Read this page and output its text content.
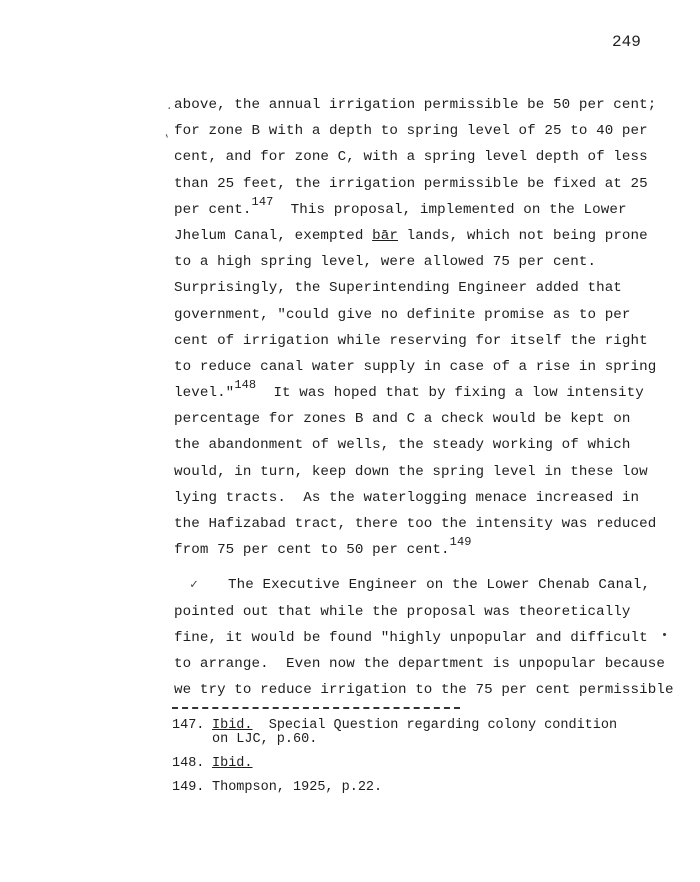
249
.
'
above, the annual irrigation permissible be 50 per cent;
for zone B with a depth to spring level of 25 to 40 per
cent, and for zone C, with a spring level depth of less
than 25 feet, the irrigation permissible be fixed at 25
per cent.$^{147}$  This proposal, implemented on the Lower
Jhelum Canal, exempted bār lands, which not being prone
to a high spring level, were allowed 75 per cent.
Surprisingly, the Superintending Engineer added that
government, "could give no definite promise as to per
cent of irrigation while reserving for itself the right
to reduce canal water supply in case of a rise in spring
level."$^{148}$  It was hoped that by fixing a low intensity
percentage for zones B and C a check would be kept on
the abandonment of wells, the steady working of which
would, in turn, keep down the spring level in these low
lying tracts.  As the waterlogging menace increased in
the Hafizabad tract, there too the intensity was reduced
from 75 per cent to 50 per cent.$^{149}$
✓ The Executive Engineer on the Lower Chenab Canal,
pointed out that while the proposal was theoretically
fine, it would be found "highly unpopular and difficult
to arrange.  Even now the department is unpopular because
we try to reduce irrigation to the 75 per cent permissible
147. Ibid.  Special Question regarding colony condition
on LJC, p.60.
148. Ibid.
149. Thompson, 1925, p.22.
